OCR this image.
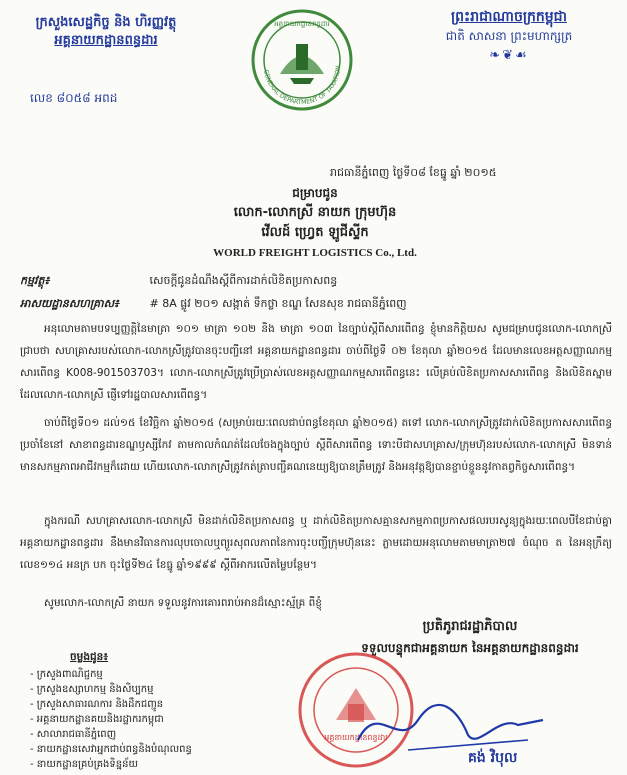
ក្រសួងសេដ្ឋកិច្ច និង ហិរញ្ញវត្ថុ
អគ្គនាយកដ្ឋានពន្ធដារ
លេខ ៨០៥៨ អពដ
GENERAL DEPARTMENT OF TAXATION
អគ្គនាយកដ្ឋានពន្ធដារ	ព្រះរាជាណាចក្រកម្ពុជា
ជាតិ សាសនា ព្រះមហាក្សត្រ
❧❦☙
រាជធានីភ្នំពេញ ថ្ងៃទី០៨ ខែធ្នូ ឆ្នាំ ២០១៥
ជម្រាបជូន
លោក-លោកស្រី នាយក ក្រុមហ៊ុន
វើលដ៍ ហ្វ្រេត ឡូជីស្ទីក
WORLD FREIGHT LOGISTICS Co., Ltd.
កម្មវត្ថុ៖	សេចក្តីជូនដំណឹងស្តីពីការដាក់លិខិតប្រកាសពន្ធ
អាសយដ្ឋានសហគ្រាស៖	# 8A ផ្លូវ ២០១ សង្កាត់ ទឹកថ្លា ខណ្ឌ សែនសុខ រាជធានីភ្នំពេញ
អនុលោមតាមបទប្បញ្ញត្តិនៃមាត្រា ១០១ មាត្រា ១០២ និង មាត្រា ១០៣ នៃច្បាប់ស្តីពីសារពើពន្ធ ខ្ញុំមានកិត្តិយស សូមជម្រាបជូនលោក-លោកស្រីជ្រាបថា សហគ្រាសរបស់លោក-លោកស្រីត្រូវបានចុះបញ្ជីនៅ អគ្គនាយកដ្ឋានពន្ធដារ ចាប់ពីថ្ងៃទី ០២ ខែតុលា ឆ្នាំ២០១៥ ដែលមានលេខអត្តសញ្ញាណកម្មសារពើពន្ធ K008-901503703។ លោក-លោកស្រីត្រូវប្រើប្រាស់លេខអត្តសញ្ញាណកម្មសារពើពន្ធនេះ លើគ្រប់លិខិតប្រកាសសារពើពន្ធ និងលិខិតស្នាមដែលលោក-លោកស្រី ផ្ញើទៅរដ្ឋបាលសារពើពន្ធ។
ចាប់ពីថ្ងៃទី០១ ដល់១៥ ខែវិច្ឆិកា ឆ្នាំ២០១៥ (សម្រាប់រយៈពេលជាប់ពន្ធខែតុលា ឆ្នាំ២០១៥) តទៅ លោក-លោកស្រីត្រូវដាក់លិខិតប្រកាសសារពើពន្ធប្រចាំខែនៅ សាខាពន្ធដារខណ្ឌឫស្សីកែវ តាមកាលកំណត់ដែលចែងក្នុងច្បាប់ ស្តីពីសារពើពន្ធ ទោះបីជាសហគ្រាស/ក្រុមហ៊ុនរបស់លោក-លោកស្រី មិនទាន់មានសកម្មភាពអាជីវកម្មក៏ដោយ ហើយលោក-លោកស្រីត្រូវកត់ត្រាបញ្ជីគណនេយ្យឱ្យបានត្រឹមត្រូវ និងអនុវត្តឱ្យបានខ្ជាប់ខ្ជួននូវកាតព្វកិច្ចសារពើពន្ធ។
ក្នុងករណី សហគ្រាសលោក-លោកស្រី មិនដាក់លិខិតប្រកាសពន្ធ ឬ ដាក់លិខិតប្រកាសគ្មានសកម្មភាពប្រកាសផលរបរសូន្យក្នុងរយៈពេលបីខែជាប់គ្នា អគ្គនាយកដ្ឋានពន្ធដារ នឹងមានវិធានការលុបចោលឬព្យួរសុពលភាពនៃការចុះបញ្ជីក្រុមហ៊ុននេះ ភ្លាមដោយអនុលោមតាមមាត្រា២៧ ចំណុច ត នៃអនុក្រឹត្យ លេខ១១៤ អនក្រ បក ចុះថ្ងៃទី២៤ ខែធ្នូ ឆ្នាំ១៩៩៩ ស្តីពីអាករលើតម្លៃបន្ថែម។
សូមលោក-លោកស្រី នាយក ទទួលនូវការគោរពរាប់អានដ៏ស្មោះស្ម័គ្រ ពីខ្ញុំ
ប្រតិភូរាជរដ្ឋាភិបាល
ទទួលបន្ទុកជាអគ្គនាយក នៃអគ្គនាយកដ្ឋានពន្ធដារ
អគ្គនាយកដ្ឋានពន្ធដារ
គង់ វិបុល
ចម្លងជូន៖
- ក្រសួងពាណិជ្ជកម្ម
- ក្រសួងឧស្សាហកម្ម និងសិប្បកម្ម
- ក្រសួងសាធារណការ និងដឹកជញ្ជូន
- អគ្គនាយកដ្ឋានគយនិងរដ្ឋាករកម្ពុជា
- សាលារាជធានីភ្នំពេញ
- នាយកដ្ឋានសេវាអ្នកជាប់ពន្ធនិងបំណុលពន្ធ
- នាយកដ្ឋានគ្រប់គ្រងទិន្នន័យ
